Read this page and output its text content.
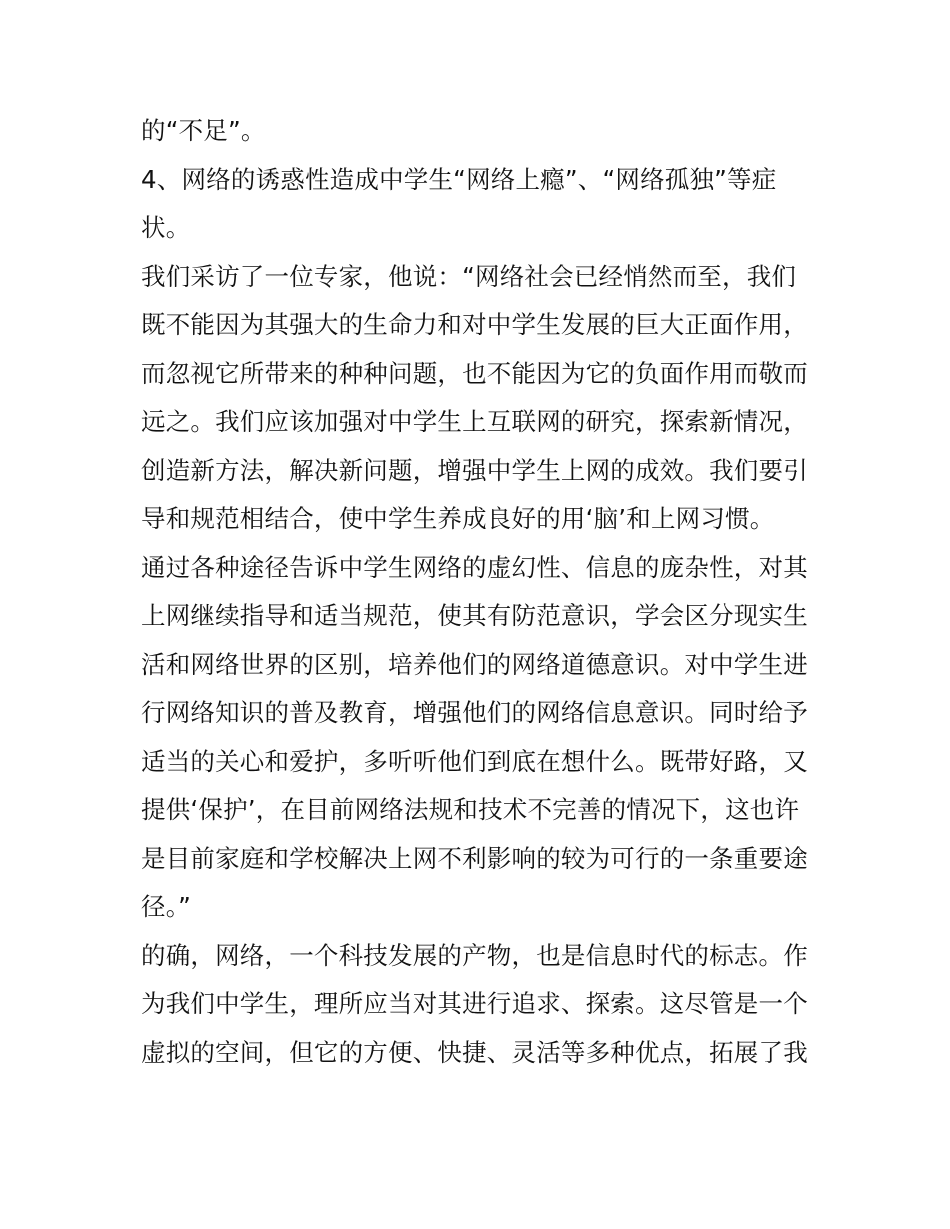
的“不足”。
4、网络的诱惑性造成中学生“网络上瘾”、“网络孤独”等症
状。
我们采访了一位专家，他说：“网络社会已经悄然而至，我们
既不能因为其强大的生命力和对中学生发展的巨大正面作用，
而忽视它所带来的种种问题，也不能因为它的负面作用而敬而
远之。我们应该加强对中学生上互联网的研究，探索新情况，
创造新方法，解决新问题，增强中学生上网的成效。我们要引
导和规范相结合，使中学生养成良好的用‘脑’和上网习惯。
通过各种途径告诉中学生网络的虚幻性、信息的庞杂性，对其
上网继续指导和适当规范，使其有防范意识，学会区分现实生
活和网络世界的区别，培养他们的网络道德意识。对中学生进
行网络知识的普及教育，增强他们的网络信息意识。同时给予
适当的关心和爱护，多听听他们到底在想什么。既带好路，又
提供‘保护’，在目前网络法规和技术不完善的情况下，这也许
是目前家庭和学校解决上网不利影响的较为可行的一条重要途
径。”
的确，网络，一个科技发展的产物，也是信息时代的标志。作
为我们中学生，理所应当对其进行追求、探索。这尽管是一个
虚拟的空间，但它的方便、快捷、灵活等多种优点，拓展了我
